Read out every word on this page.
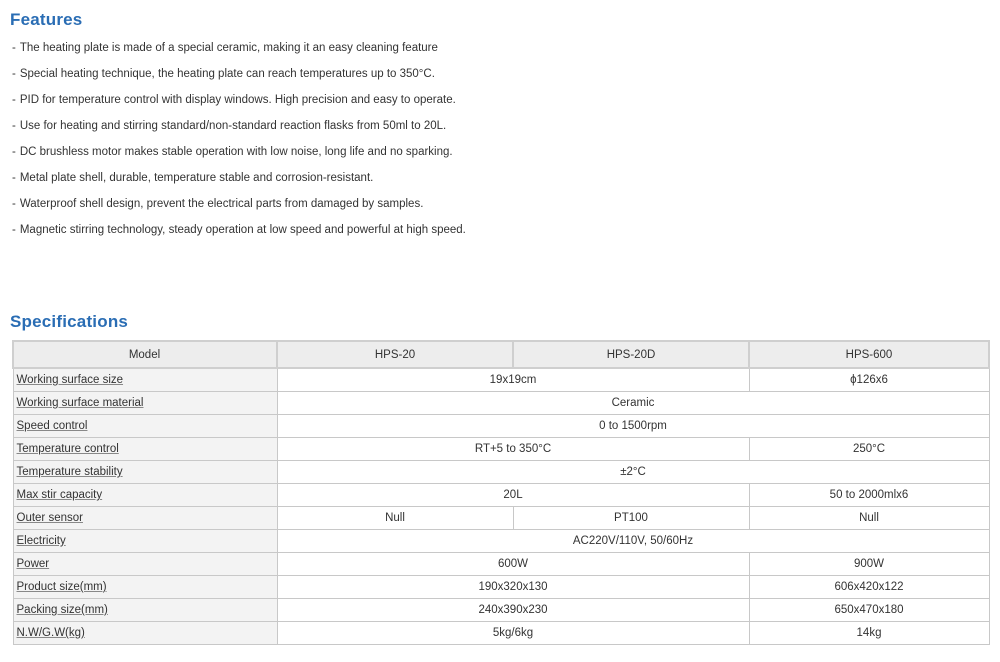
Features
- The heating plate is made of a special ceramic, making it an easy cleaning feature
- Special heating technique, the heating plate can reach temperatures up to 350°C.
- PID for temperature control with display windows. High precision and easy to operate.
- Use for heating and stirring standard/non-standard reaction flasks from 50ml to 20L.
- DC brushless motor makes stable operation with low noise, long life and no sparking.
- Metal plate shell, durable, temperature stable and corrosion-resistant.
- Waterproof shell design, prevent the electrical parts from damaged by samples.
- Magnetic stirring technology, steady operation at low speed and powerful at high speed.
Specifications
Model	HPS-20	HPS-20D	HPS-600
Working surface size	19x19cm		ϕ126x6
Working surface material	Ceramic		
Speed control	0 to 1500rpm		
Temperature control	RT+5 to 350°C		250°C
Temperature stability	±2°C		
Max stir capacity	20L		50 to 2000mlx6
Outer sensor	Null	PT100	Null
Electricity	AC220V/110V, 50/60Hz		
Power	600W		900W
Product size(mm)	190x320x130		606x420x122
Packing size(mm)	240x390x230		650x470x180
N.W/G.W(kg)	5kg/6kg		14kg
